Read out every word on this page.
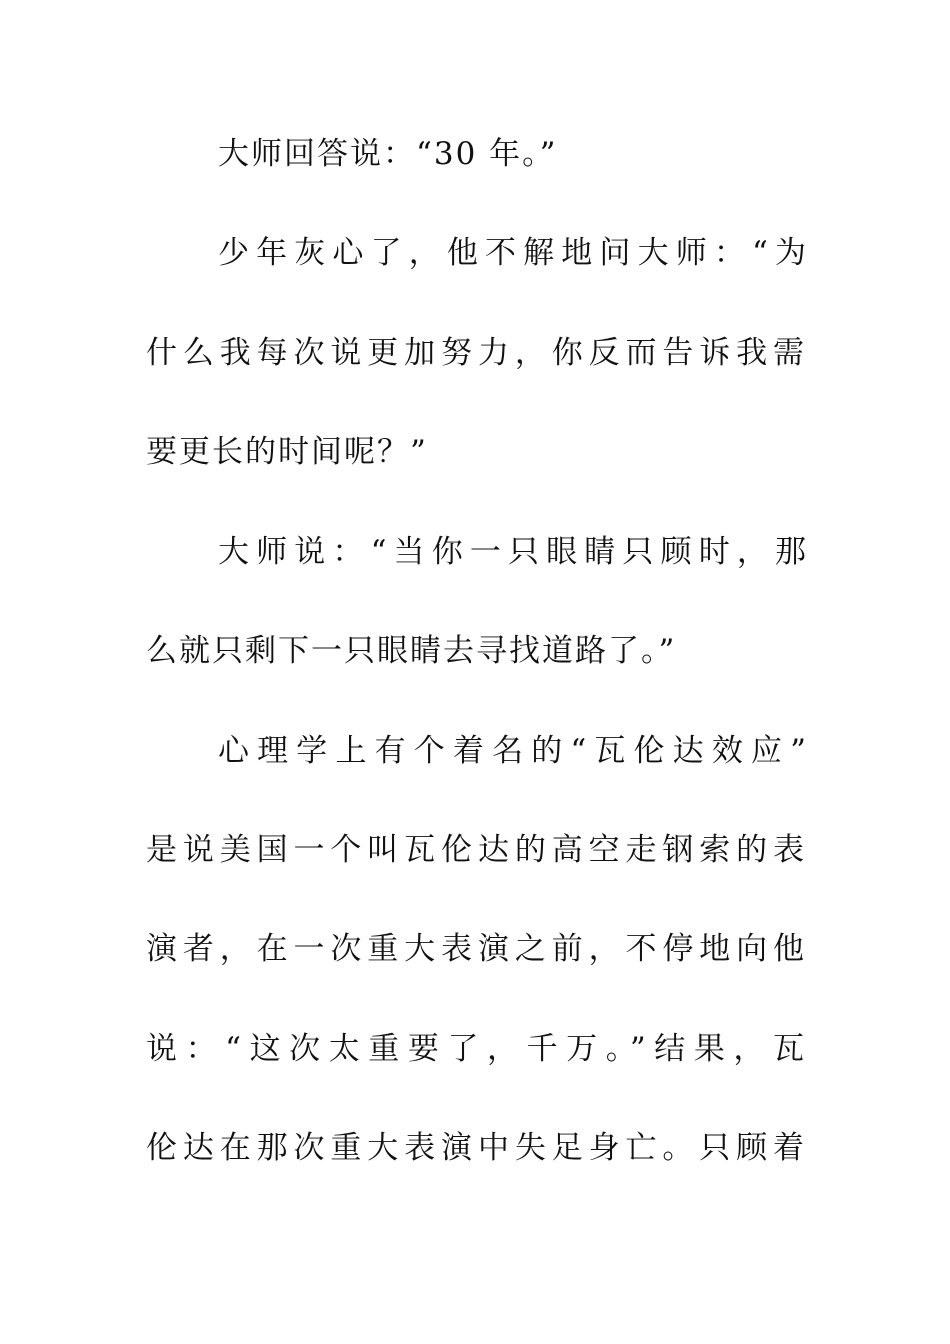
大师回答说：“30 年。”
少年灰心了，他不解地问大师：“为
什么我每次说更加努力，你反而告诉我需
要更长的时间呢？”
大师说：“当你一只眼睛只顾时，那
么就只剩下一只眼睛去寻找道路了。”
心理学上有个着名的“瓦伦达效应”
是说美国一个叫瓦伦达的高空走钢索的表
演者，在一次重大表演之前，不停地向他
说：“这次太重要了，千万。”结果，瓦
伦达在那次重大表演中失足身亡。只顾着
